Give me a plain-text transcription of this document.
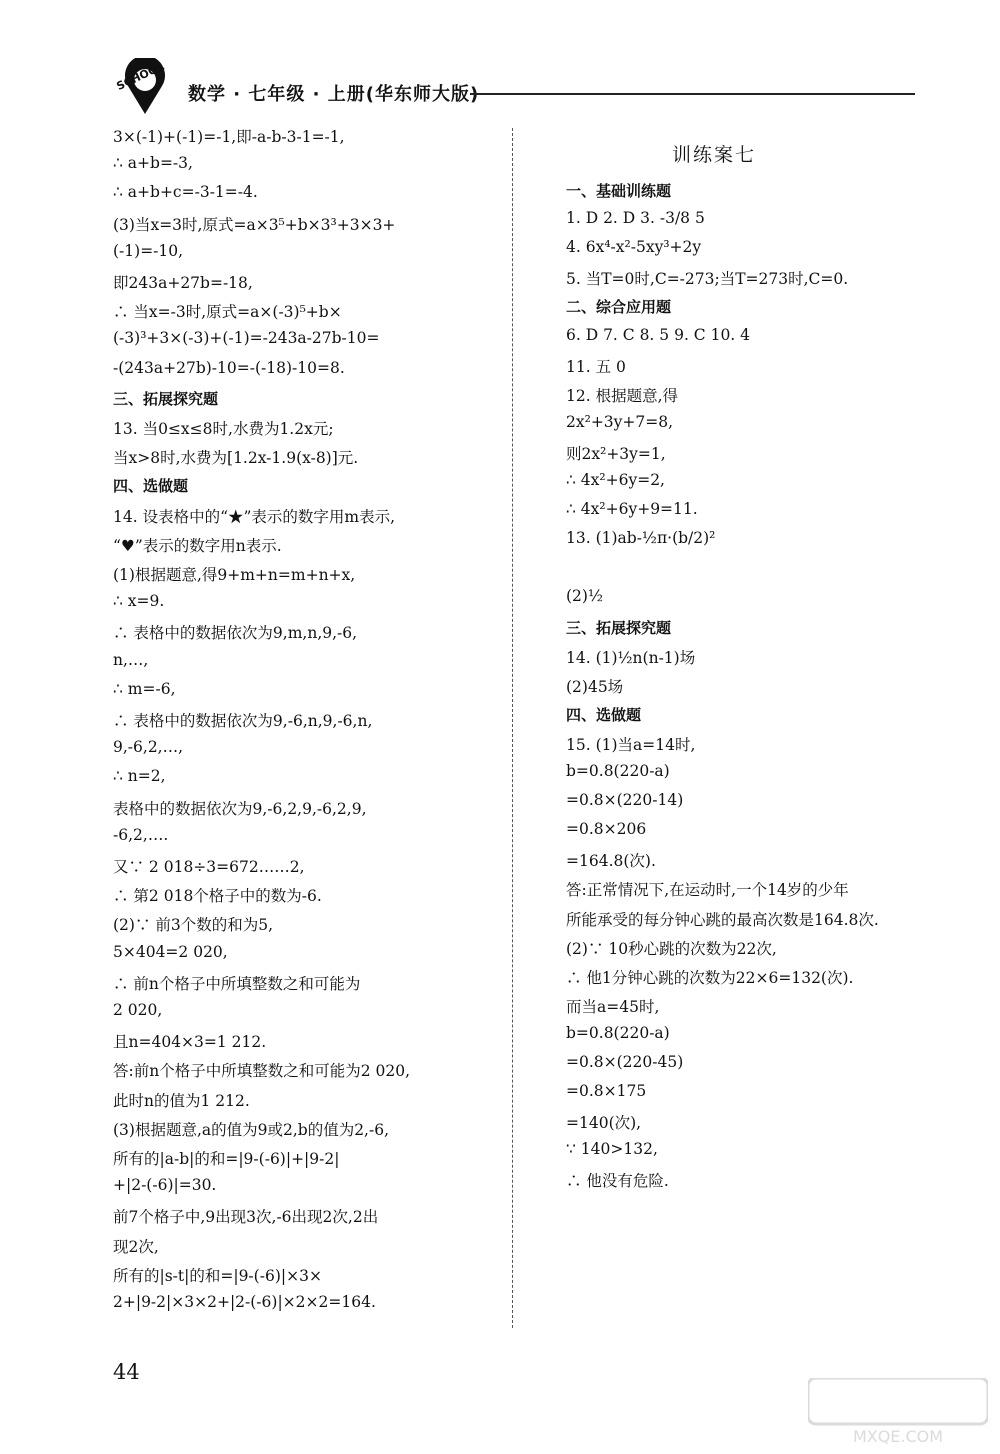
SCHOOL
数学 · 七年级 · 上册(华东师大版)
3×(-1)+(-1)=-1,即-a-b-3-1=-1,
∴ a+b=-3,
∴ a+b+c=-3-1=-4.
(3)当x=3时,原式=a×3⁵+b×3³+3×3+
(-1)=-10,
即243a+27b=-18,
∴ 当x=-3时,原式=a×(-3)⁵+b×
(-3)³+3×(-3)+(-1)=-243a-27b-10=
-(243a+27b)-10=-(-18)-10=8.
三、拓展探究题
13. 当0≤x≤8时,水费为1.2x元;
当x>8时,水费为[1.2x-1.9(x-8)]元.
四、选做题
14. 设表格中的“★”表示的数字用m表示,
“♥”表示的数字用n表示.
(1)根据题意,得9+m+n=m+n+x,
∴ x=9.
∴ 表格中的数据依次为9,m,n,9,-6,
n,…,
∴ m=-6,
∴ 表格中的数据依次为9,-6,n,9,-6,n,
9,-6,2,…,
∴ n=2,
表格中的数据依次为9,-6,2,9,-6,2,9,
-6,2,….
又∵ 2 018÷3=672……2,
∴ 第2 018个格子中的数为-6.
(2)∵ 前3个数的和为5,
5×404=2 020,
∴ 前n个格子中所填整数之和可能为
2 020,
且n=404×3=1 212.
答:前n个格子中所填整数之和可能为2 020,
此时n的值为1 212.
(3)根据题意,a的值为9或2,b的值为2,-6,
所有的|a-b|的和=|9-(-6)|+|9-2|
+|2-(-6)|=30.
前7个格子中,9出现3次,-6出现2次,2出
现2次,
所有的|s-t|的和=|9-(-6)|×3×
2+|9-2|×3×2+|2-(-6)|×2×2=164.
训练案七
一、基础训练题
1. D 2. D 3. -3/8 5
4. 6x⁴-x²-5xy³+2y
5. 当T=0时,C=-273;当T=273时,C=0.
二、综合应用题
6. D 7. C 8. 5 9. C 10. 4
11. 五 0
12. 根据题意,得
2x²+3y+7=8,
则2x²+3y=1,
∴ 4x²+6y=2,
∴ 4x²+6y+9=11.
13. (1)ab-½π·(b/2)²
(2)½
三、拓展探究题
14. (1)½n(n-1)场
(2)45场
四、选做题
15. (1)当a=14时,
b=0.8(220-a)
=0.8×(220-14)
=0.8×206
=164.8(次).
答:正常情况下,在运动时,一个14岁的少年
所能承受的每分钟心跳的最高次数是164.8次.
(2)∵ 10秒心跳的次数为22次,
∴ 他1分钟心跳的次数为22×6=132(次).
而当a=45时,
b=0.8(220-a)
=0.8×(220-45)
=0.8×175
=140(次),
∵ 140>132,
∴ 他没有危险.
44
MXQE.COM
